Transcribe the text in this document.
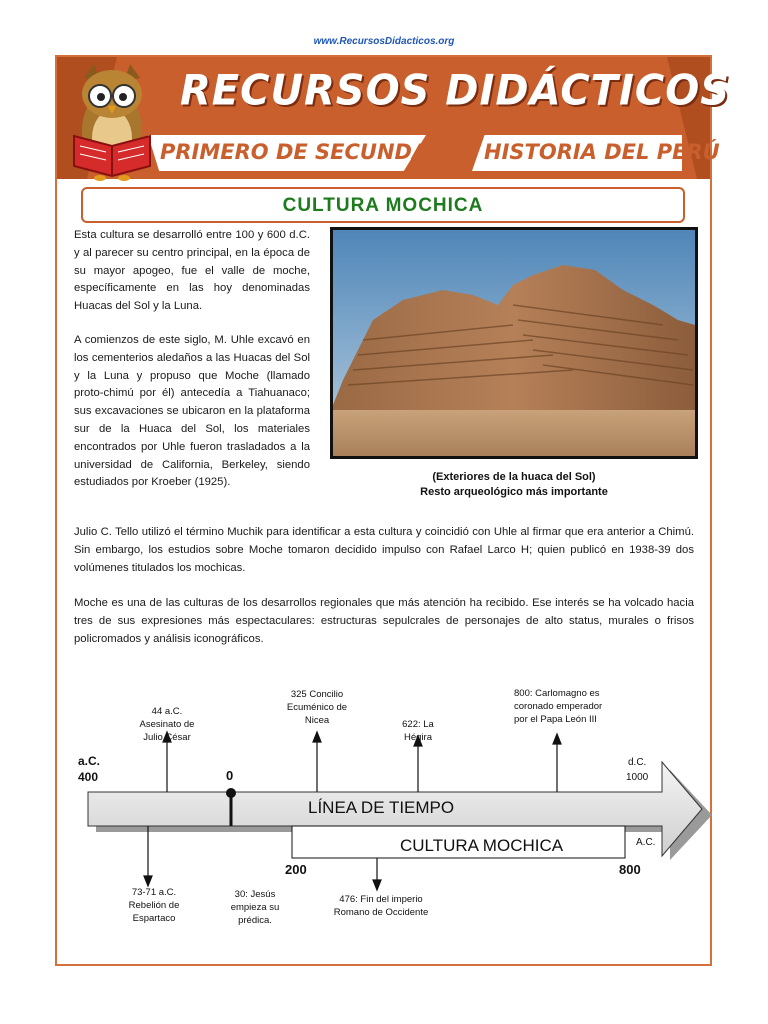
www.RecursosDidacticos.org
RECURSOS DIDÁCTICOS
PRIMERO DE SECUNDARIA HISTORIA DEL PERÚ
CULTURA MOCHICA
Esta cultura se desarrolló entre 100 y 600 d.C. y al parecer su centro principal, en la época de su mayor apogeo, fue el valle de moche, específicamente en las hoy denominadas Huacas del Sol y la Luna.
A comienzos de este siglo, M. Uhle excavó en los cementerios aledaños a las Huacas del Sol y la Luna y propuso que Moche (llamado proto-chimú por él) antecedía a Tiahuanaco; sus excavaciones se ubicaron en la plataforma sur de la Huaca del Sol, los materiales encontrados por Uhle fueron trasladados a la universidad de California, Berkeley, siendo estudiados por Kroeber (1925).	(Exteriores de la huaca del Sol)
Resto arqueológico más importante
Julio C. Tello utilizó el término Muchik para identificar a esta cultura y coincidió con Uhle al firmar que era anterior a Chimú. Sin embargo, los estudios sobre Moche tomaron decidido impulso con Rafael Larco H; quien publicó en 1938-39 dos volúmenes titulados los mochicas.
Moche es una de las culturas de los desarrollos regionales que más atención ha recibido. Ese interés se ha volcado hacia tres de sus expresiones más espectaculares: estructuras sepulcrales de personajes de alto status, murales o frisos policromados y análisis iconográficos.
LÍNEA DE TIEMPO
CULTURA MOCHICA
a.C.
400	0
d.C.
1000
200	800
A.C.
44 a.C. Asesinato de Julio César
325 Concilio Ecuménico de Nicea	622: La Hégira
800: Carlomagno es coronado emperador por el Papa León III
73-71 a.C. Rebelión de Espartaco
30: Jesús empieza su prédica.
476: Fin del imperio Romano de Occidente
